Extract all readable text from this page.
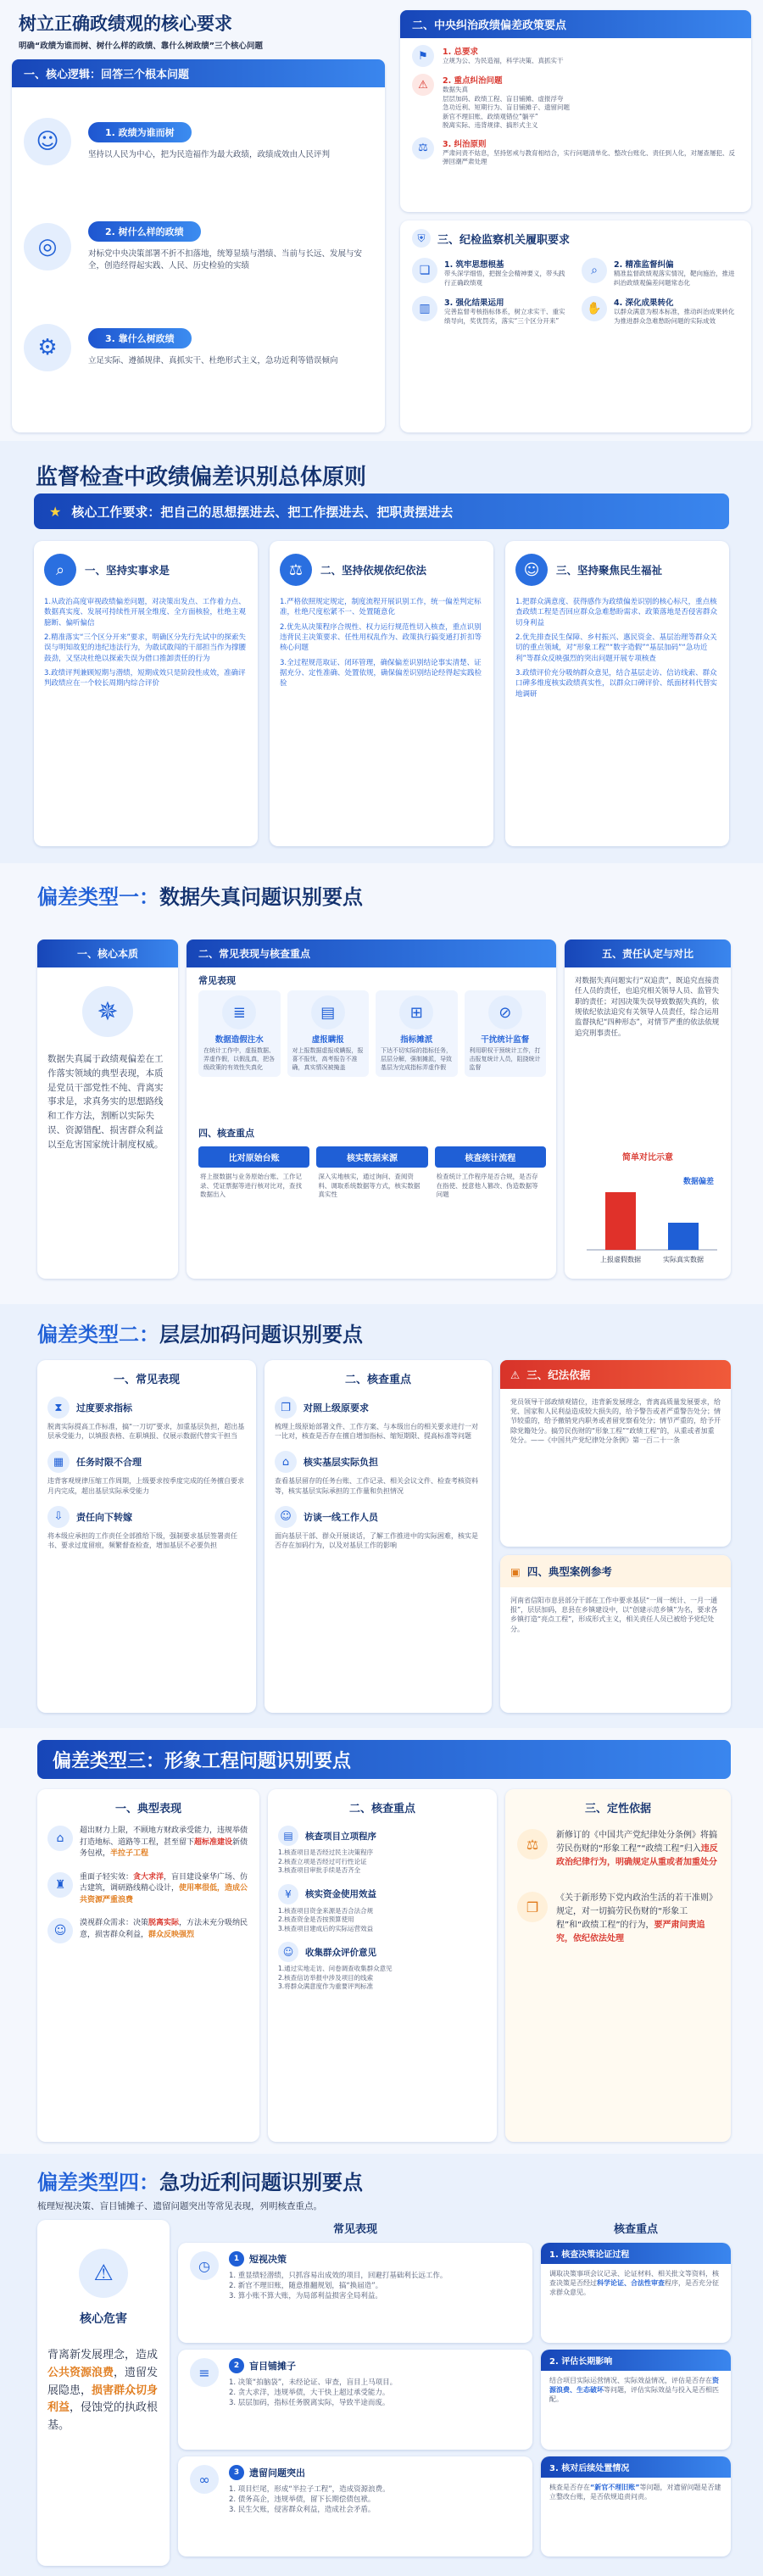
树立正确政绩观的核心要求
明确“政绩为谁而树、树什么样的政绩、靠什么树政绩”三个核心问题
一、核心逻辑：回答三个根本问题
☺	1. 政绩为谁而树
坚持以人民为中心，把为民造福作为最大政绩，政绩成效由人民评判
◎
2. 树什么样的政绩
对标党中央决策部署不折不扣落地，统筹显绩与潜绩、当前与长远、发展与安全，创造经得起实践、人民、历史检验的实绩
⚙	3. 靠什么树政绩
立足实际、遵循规律、真抓实干、杜绝形式主义，急功近利等错误倾向
二、中央纠治政绩偏差政策要点
⚑	1. 总要求
立规为公、为民造福，科学决策、真抓实干
⚠	2. 重点纠治问题
数据失真
层层加码、政绩工程、盲目铺摊、虚报浮夸
急功近利、短期行为、盲目铺摊子、遗留问题
新官不理旧账、政绩观错位“躺平”
脱离实际、违背规律、搞形式主义
⚖	3. 纠治原则
严肃问责不姑息，坚持惩戒与教育相结合，实行问题清单化、整改台账化、责任到人化，对屡查屡犯、反弹回潮严肃处理
⛨	三、纪检监察机关履职要求
❏	1. 筑牢思想根基
带头深学细悟，把握全会精神要义，带头践行正确政绩观
⌕	2. 精准监督纠偏
精准监督政绩观落实情况，靶向施治，推进纠治政绩观偏差问题常态化
▥	3. 强化结果运用
完善监督考核指标体系，树立求实干、重实绩导向，奖优罚劣，落实“三个区分开来”
✋	4. 深化成果转化
以群众满意为根本标准，推动纠治成果转化为推进群众急难愁盼问题的实际成效
监督检查中政绩偏差识别总体原则
★ 核心工作要求：把自己的思想摆进去、把工作摆进去、把职责摆进去
⌕	一、坚持实事求是

1.从政治高度审视政绩偏差问题，对决策出发点、工作着力点、数据真实度、发展可持续性开展全维度、全方面核验，杜绝主观臆断、偏听偏信

2.精准落实“三个区分开来”要求，明确区分先行先试中的探索失误与明知故犯的违纪违法行为，为敢试敢闯的干部担当作为撑腰鼓劲，又坚决杜绝以探索失误为借口推卸责任的行为

3.政绩评判兼顾短期与潜绩，短期成效只是阶段性成效，准确评判政绩应在一个较长周期内综合评价

⚖	二、坚持依规依纪依法

1.严格依照规定规定，制度流程开展识别工作，统一偏差判定标准，杜绝尺度松紧不一、处置随意化

2.优先从决策程序合规性、权力运行规范性切入核查，重点识别违背民主决策要求、任性用权乱作为、政策执行搞变通打折扣等核心问题

3.全过程规范取证、闭环管理，确保偏差识别结论事实清楚、证据充分、定性准确、处置依规，确保偏差识别结论经得起实践检验

☺	三、坚持聚焦民生福祉

1.把群众满意度、获得感作为政绩偏差识别的核心标尺，重点核查政绩工程是否回应群众急难愁盼需求、政策落地是否侵害群众切身利益

2.优先排查民生保障、乡村振兴、惠民资金、基层治理等群众关切的重点领域，对“形象工程”“数字造假”“基层加码”“急功近利”等群众反映强烈的突出问题开展专项核查

3.政绩评价充分吸纳群众意见，结合基层走访、信访线索、群众口碑多维度核实政绩真实性，以群众口碑评价、纸面材料代替实地调研

偏差类型一：数据失真问题识别要点
一、核心本质
✵
数据失真属于政绩观偏差在工作落实领域的典型表现，本质是党员干部党性不纯、背离实事求是，求真务实的思想路线和工作方法，割断以实际失误、资源错配、损害群众利益以至危害国家统计制度权威。
二、常见表现与核查重点
常见表现
≣
数据造假注水
在统计工作中，虚报数据、弄虚作假，以假乱真，把各级政策的有效性失真化
▤
虚报瞒报
对上报数据虚报或瞒报，报喜不报忧，高考报告不准确，真实情况被掩盖
⊞
指标摊派
下达不切实际的指标任务，层层分解，强制摊派，导致基层为完成指标弄虚作假
⊘
干扰统计监督
利用职权干预统计工作，打击报复统计人员，阻挠统计监督
四、核查重点
比对原始台账
将上报数据与业务原始台账、工作记录、凭证票据等进行核对比对，查找数据出入
核实数据来源
深入实地核实，通过询问、查阅资料、调取系统数据等方式，核实数据真实性
核查统计流程
检查统计工作程序是否合规，是否存在指使、授意他人篡改、伪造数据等问题
五、责任认定与对比
对数据失真问题实行“双追责”，既追究直接责任人员的责任，也追究相关领导人员、监管失职的责任；对因决策失误导致数据失真的，依规依纪依法追究有关领导人员责任，综合运用监督执纪“四种形态”，对情节严重的依法依规追究刑事责任。
简单对比示意
上报虚假数据	实际真实数据
数据偏差
偏差类型二：层层加码问题识别要点
一、常见表现
⧗	过度要求指标
脱离实际提高工作标准，搞“一刀切”要求，加重基层负担，超出基层承受能力，以填报表格、在职填报、仅展示数据代替实干担当
▦	任务时限不合理
违背客观规律压缩工作周期，上级要求按季度完成的任务擅自要求月内完成，超出基层实际承受能力
⇩	责任向下转嫁
将本级应承担的工作责任全部推给下级，强制要求基层签署责任书、要求过度留痕，频繁督查检查，增加基层不必要负担
二、核查重点
❐	对照上级原要求
梳理上级原始部署文件、工作方案、与本级出台的相关要求进行一对一比对，核查是否存在擅自增加指标、缩短期限、提高标准等问题
⌂	核实基层实际负担
查看基层留存的任务台账、工作记录、相关会议文件、检查考核资料等，核实基层实际承担的工作量和负担情况
☺	访谈一线工作人员
面向基层干部、群众开展谈话，了解工作推进中的实际困难，核实是否存在加码行为，以及对基层工作的影响
⚠ 三、纪法依据
党员领导干部政绩观错位，违背新发展理念，背离高质量发展要求，给党、国家和人民利益造成较大损失的，给予警告或者严重警告处分；情节较重的，给予撤销党内职务或者留党察看处分；情节严重的，给予开除党籍处分。搞劳民伤财的“形象工程”“政绩工程”的，从重或者加重处分。——《中国共产党纪律处分条例》第一百二十一条
▣ 四、典型案例参考
河南省信阳市息县部分干部在工作中要求基层“一周一统计、一月一通报”，层层加码，息县在乡镇建设中，以“创建示范乡镇”为名，要求各乡镇打造“亮点工程”，形成形式主义，相关责任人员已被给予党纪处分。
偏差类型三： 形象工程问题识别要点
一、典型表现
⌂
超出财力上限，不顾地方财政承受能力，违规举债打造地标、道路等工程，甚至留下超标准建设新债务包袱，半拉子工程
♜
重面子轻实效：贪大求洋，盲目建设豪华广场、仿古建筑，调研路线精心设计，使用率很低，造成公共资源严重浪费
☺
漠视群众需求：决策脱离实际，方法未充分吸纳民意，损害群众利益，群众反映强烈
二、核查重点
▤	核查项目立项程序
1.核查项目是否经过民主决策程序
2.核查立项是否经过可行性论证
3.核查项目审批手续是否齐全
¥	核实资金使用效益
1.核查项目资金来源是否合法合规
2.核查资金是否按预算使用
3.核查项目建成后的实际运营效益
☺	收集群众评价意见
1.通过实地走访、问卷调查收集群众意见
2.核查信访举报中涉及项目的线索
3.将群众满意度作为重要评判标准
三、定性依据
⚖
新修订的《中国共产党纪律处分条例》将搞劳民伤财的“形象工程”“政绩工程”归入违反政治纪律行为，明确规定从重或者加重处分
❐
《关于新形势下党内政治生活的若干准则》规定，对一切搞劳民伤财的“形象工程”和“政绩工程”的行为，要严肃问责追究，依纪依法处理
偏差类型四：急功近利问题识别要点
梳理短视决策、盲目铺摊子、遗留问题突出等常见表现，列明核查重点。
⚠
核心危害
背离新发展理念，造成公共资源浪费，遗留发展隐患，损害群众切身利益，侵蚀党的执政根基。
常见表现
◷	1	短视决策
1. 重显绩轻潜绩，只抓容易出成效的项目，回避打基础利长远工作。
2. 新官不理旧账，随意推翻规划，搞“换届造”。
3. 算小账不算大账，为局部利益损害全局利益。
≡	2	盲目铺摊子
1. 决策“拍脑袋”，未经论证、审查，盲目上马项目。
2. 贪大求洋，违规举债，大干快上超过承受能力。
3. 层层加码，指标任务脱离实际，导致半途而废。
∞	3	遗留问题突出
1. 项目烂尾，形成“半拉子工程”，造成资源浪费。
2. 债务高企，违规举债，留下长期偿债包袱。
3. 民生欠账，侵害群众利益，造成社会矛盾。
核查重点
1. 核查决策论证过程
调取决策事项会议记录、论证材料、相关批文等资料，核查决策是否经过科学论证、合法性审查程序，是否充分征求群众意见。
2. 评估长期影响
结合项目实际运营情况、实际效益情况，评估是否存在资源浪费、生态破坏等问题，评估实际效益与投入是否相匹配。
3. 核对后续处置情况
核查是否存在“新官不理旧账”等问题，对遗留问题是否建立整改台账，是否依规追责问责。
